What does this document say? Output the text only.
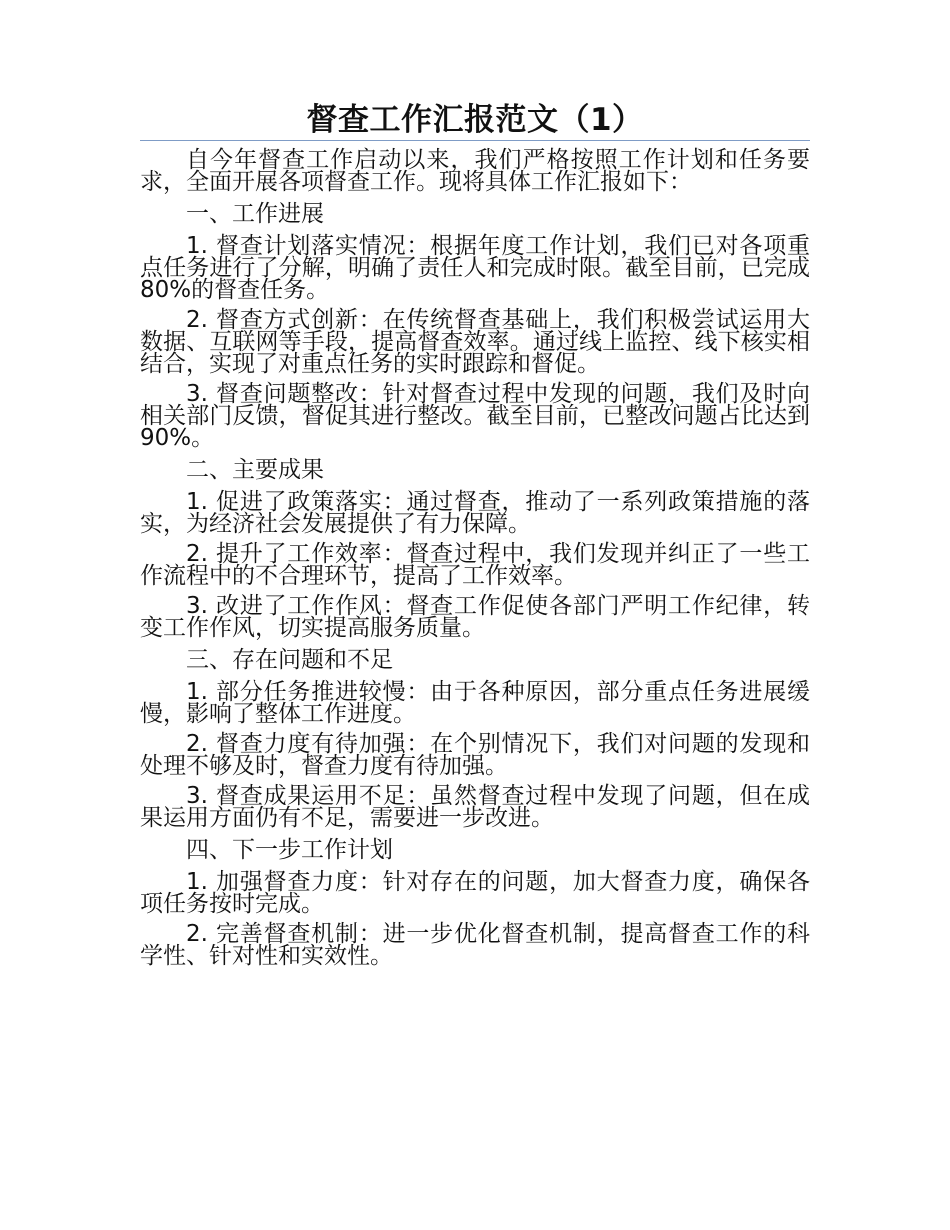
督查工作汇报范文（1）

自今年督查工作启动以来，我们严格按照工作计划和任务要求，全面开展各项督查工作。现将具体工作汇报如下：

一、工作进展

1. 督查计划落实情况：根据年度工作计划，我们已对各项重点任务进行了分解，明确了责任人和完成时限。截至目前，已完成 80%的督查任务。

2. 督查方式创新：在传统督查基础上，我们积极尝试运用大数据、互联网等手段，提高督查效率。通过线上监控、线下核实相结合，实现了对重点任务的实时跟踪和督促。

3. 督查问题整改：针对督查过程中发现的问题，我们及时向相关部门反馈，督促其进行整改。截至目前，已整改问题占比达到 90%。

二、主要成果

1. 促进了政策落实：通过督查，推动了一系列政策措施的落实，为经济社会发展提供了有力保障。

2. 提升了工作效率：督查过程中，我们发现并纠正了一些工作流程中的不合理环节，提高了工作效率。

3. 改进了工作作风：督查工作促使各部门严明工作纪律，转变工作作风，切实提高服务质量。

三、存在问题和不足

1. 部分任务推进较慢：由于各种原因，部分重点任务进展缓慢，影响了整体工作进度。

2. 督查力度有待加强：在个别情况下，我们对问题的发现和处理不够及时，督查力度有待加强。

3. 督查成果运用不足：虽然督查过程中发现了问题，但在成果运用方面仍有不足，需要进一步改进。

四、下一步工作计划

1. 加强督查力度：针对存在的问题，加大督查力度，确保各项任务按时完成。

2. 完善督查机制：进一步优化督查机制，提高督查工作的科学性、针对性和实效性。
